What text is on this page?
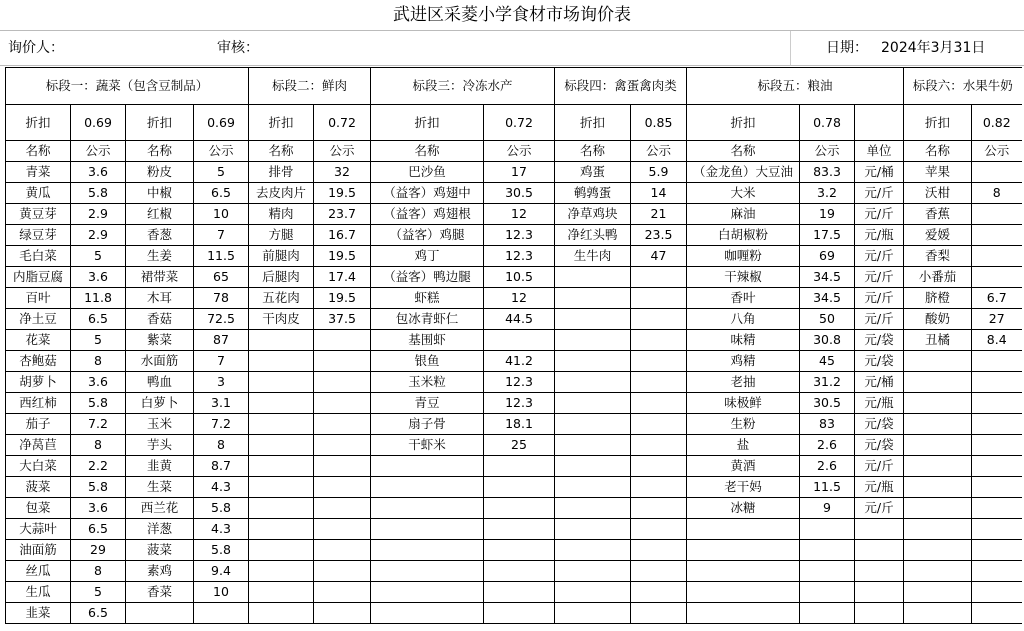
武进区采菱小学食材市场询价表
询价人：	审核：	日期： 2024年3月31日
标段一：蔬菜（包含豆制品）				标段二：鲜肉		标段三：冷冻水产		标段四：禽蛋禽肉类		标段五：粮油			标段六：水果牛奶	
折扣	0.69	折扣	0.69	折扣	0.72	折扣	0.72	折扣	0.85	折扣	0.78		折扣	0.82
名称	公示	名称	公示	名称	公示	名称	公示	名称	公示	名称	公示	单位	名称	公示
青菜	3.6	粉皮	5	排骨	32	巴沙鱼	17	鸡蛋	5.9	（金龙鱼）大豆油	83.3	元/桶	苹果	
黄瓜	5.8	中椒	6.5	去皮肉片	19.5	（益客）鸡翅中	30.5	鹌鹑蛋	14	大米	3.2	元/斤	沃柑	8
黄豆芽	2.9	红椒	10	精肉	23.7	（益客）鸡翅根	12	净草鸡块	21	麻油	19	元/斤	香蕉	
绿豆芽	2.9	香葱	7	方腿	16.7	（益客）鸡腿	12.3	净红头鸭	23.5	白胡椒粉	17.5	元/瓶	爱媛	
毛白菜	5	生姜	11.5	前腿肉	19.5	鸡丁	12.3	生牛肉	47	咖喱粉	69	元/斤	香梨	
内脂豆腐	3.6	裙带菜	65	后腿肉	17.4	（益客）鸭边腿	10.5			干辣椒	34.5	元/斤	小番茄	
百叶	11.8	木耳	78	五花肉	19.5	虾糕	12			香叶	34.5	元/斤	脐橙	6.7
净土豆	6.5	香菇	72.5	干肉皮	37.5	包冰青虾仁	44.5			八角	50	元/斤	酸奶	27
花菜	5	紫菜	87			基围虾				味精	30.8	元/袋	丑橘	8.4
杏鲍菇	8	水面筋	7			银鱼	41.2			鸡精	45	元/袋		
胡萝卜	3.6	鸭血	3			玉米粒	12.3			老抽	31.2	元/桶		
西红柿	5.8	白萝卜	3.1			青豆	12.3			味极鲜	30.5	元/瓶		
茄子	7.2	玉米	7.2			扇子骨	18.1			生粉	83	元/袋		
净莴苣	8	芋头	8			干虾米	25			盐	2.6	元/袋		
大白菜	2.2	韭黄	8.7							黄酒	2.6	元/斤		
菠菜	5.8	生菜	4.3							老干妈	11.5	元/瓶		
包菜	3.6	西兰花	5.8							冰糖	9	元/斤		
大蒜叶	6.5	洋葱	4.3											
油面筋	29	菠菜	5.8											
丝瓜	8	素鸡	9.4											
生瓜	5	香菜	10											
韭菜	6.5													
